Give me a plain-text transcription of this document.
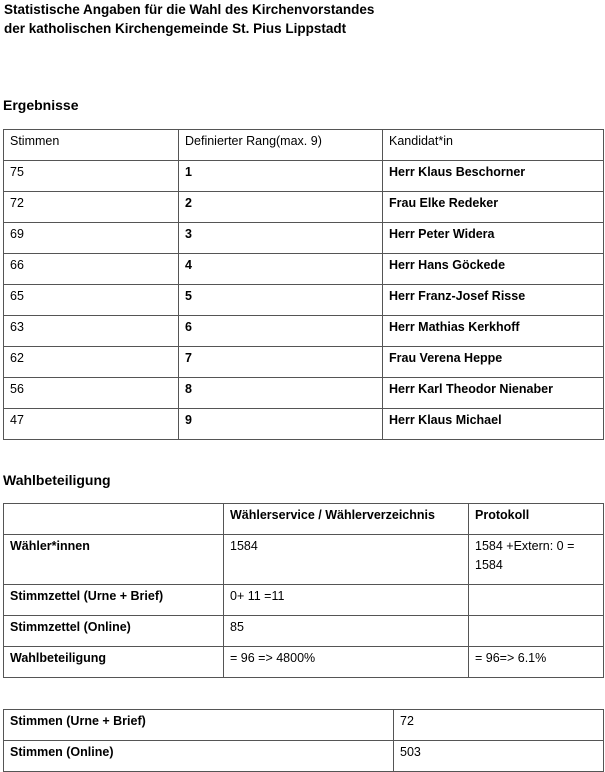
Statistische Angaben für die Wahl des Kirchenvorstandes
der katholischen Kirchengemeinde St. Pius Lippstadt
Ergebnisse
Stimmen	Definierter Rang(max. 9)	Kandidat*in
75	1	Herr Klaus Beschorner
72	2	Frau Elke Redeker
69	3	Herr Peter Widera
66	4	Herr Hans Göckede
65	5	Herr Franz-Josef Risse
63	6	Herr Mathias Kerkhoff
62	7	Frau Verena Heppe
56	8	Herr Karl Theodor Nienaber
47	9	Herr Klaus Michael
Wahlbeteiligung
	Wählerservice / Wählerverzeichnis	Protokoll
Wähler*innen	1584	1584 +Extern: 0 = 1584
Stimmzettel (Urne + Brief)	0+ 11 =11	
Stimmzettel (Online)	85	
Wahlbeteiligung	= 96 => 4800%	= 96=> 6.1%
Stimmen (Urne + Brief)	72
Stimmen (Online)	503
